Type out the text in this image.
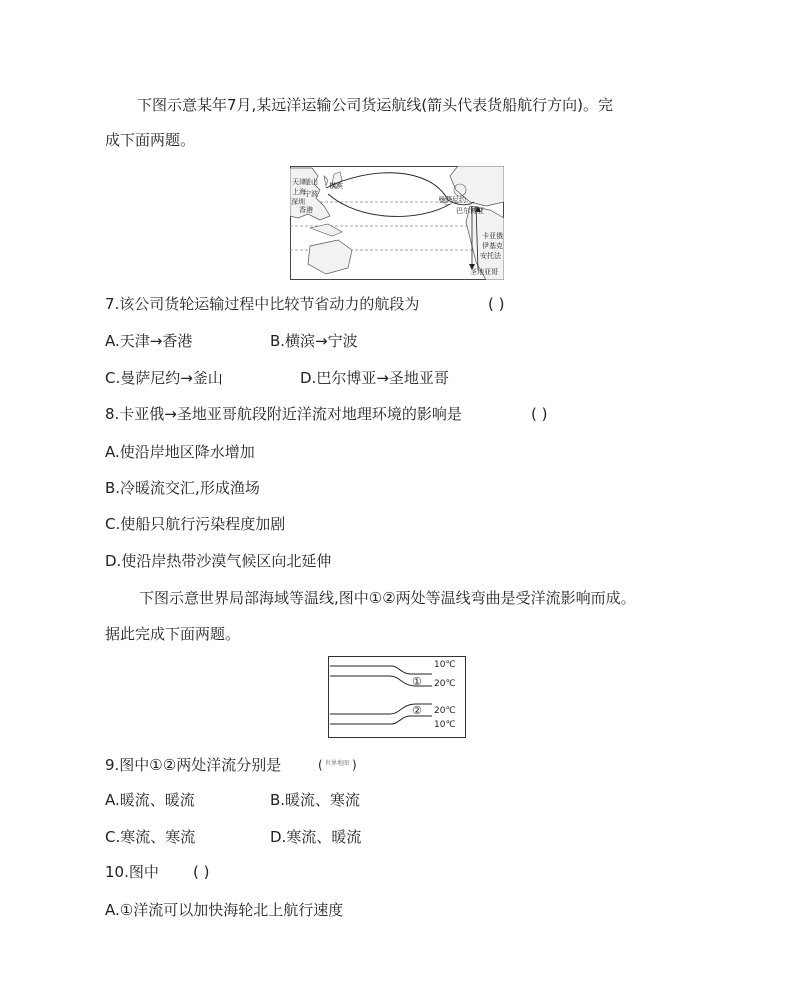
下图示意某年7月,某远洋运输公司货运航线(箭头代表货船航行方向)。完
成下面两题。
天津
釜山 横滨
上海
宁波
深圳
香港
曼萨尼约
巴尔博亚
卡亚俄
伊基克
安托法
圣地亚哥
7.该公司货轮运输过程中比较节省动力的航段为	( )
A.天津→香港	B.横滨→宁波
C.曼萨尼约→釜山	D.巴尔博亚→圣地亚哥
8.卡亚俄→圣地亚哥航段附近洋流对地理环境的影响是	( )
A.使沿岸地区降水增加
B.冷暖流交汇,形成渔场
C.使船只航行污染程度加剧
D.使沿岸热带沙漠气候区向北延伸
下图示意世界局部海域等温线,图中①②两处等温线弯曲是受洋流影响而成。
据此完成下面两题。
①
②
10℃
20℃
20℃
10℃
9.图中①②两处洋流分别是	( 世界地图 )
A.暖流、暖流	B.暖流、寒流
C.寒流、寒流	D.寒流、暖流
10.图中 ( )
A.①洋流可以加快海轮北上航行速度
